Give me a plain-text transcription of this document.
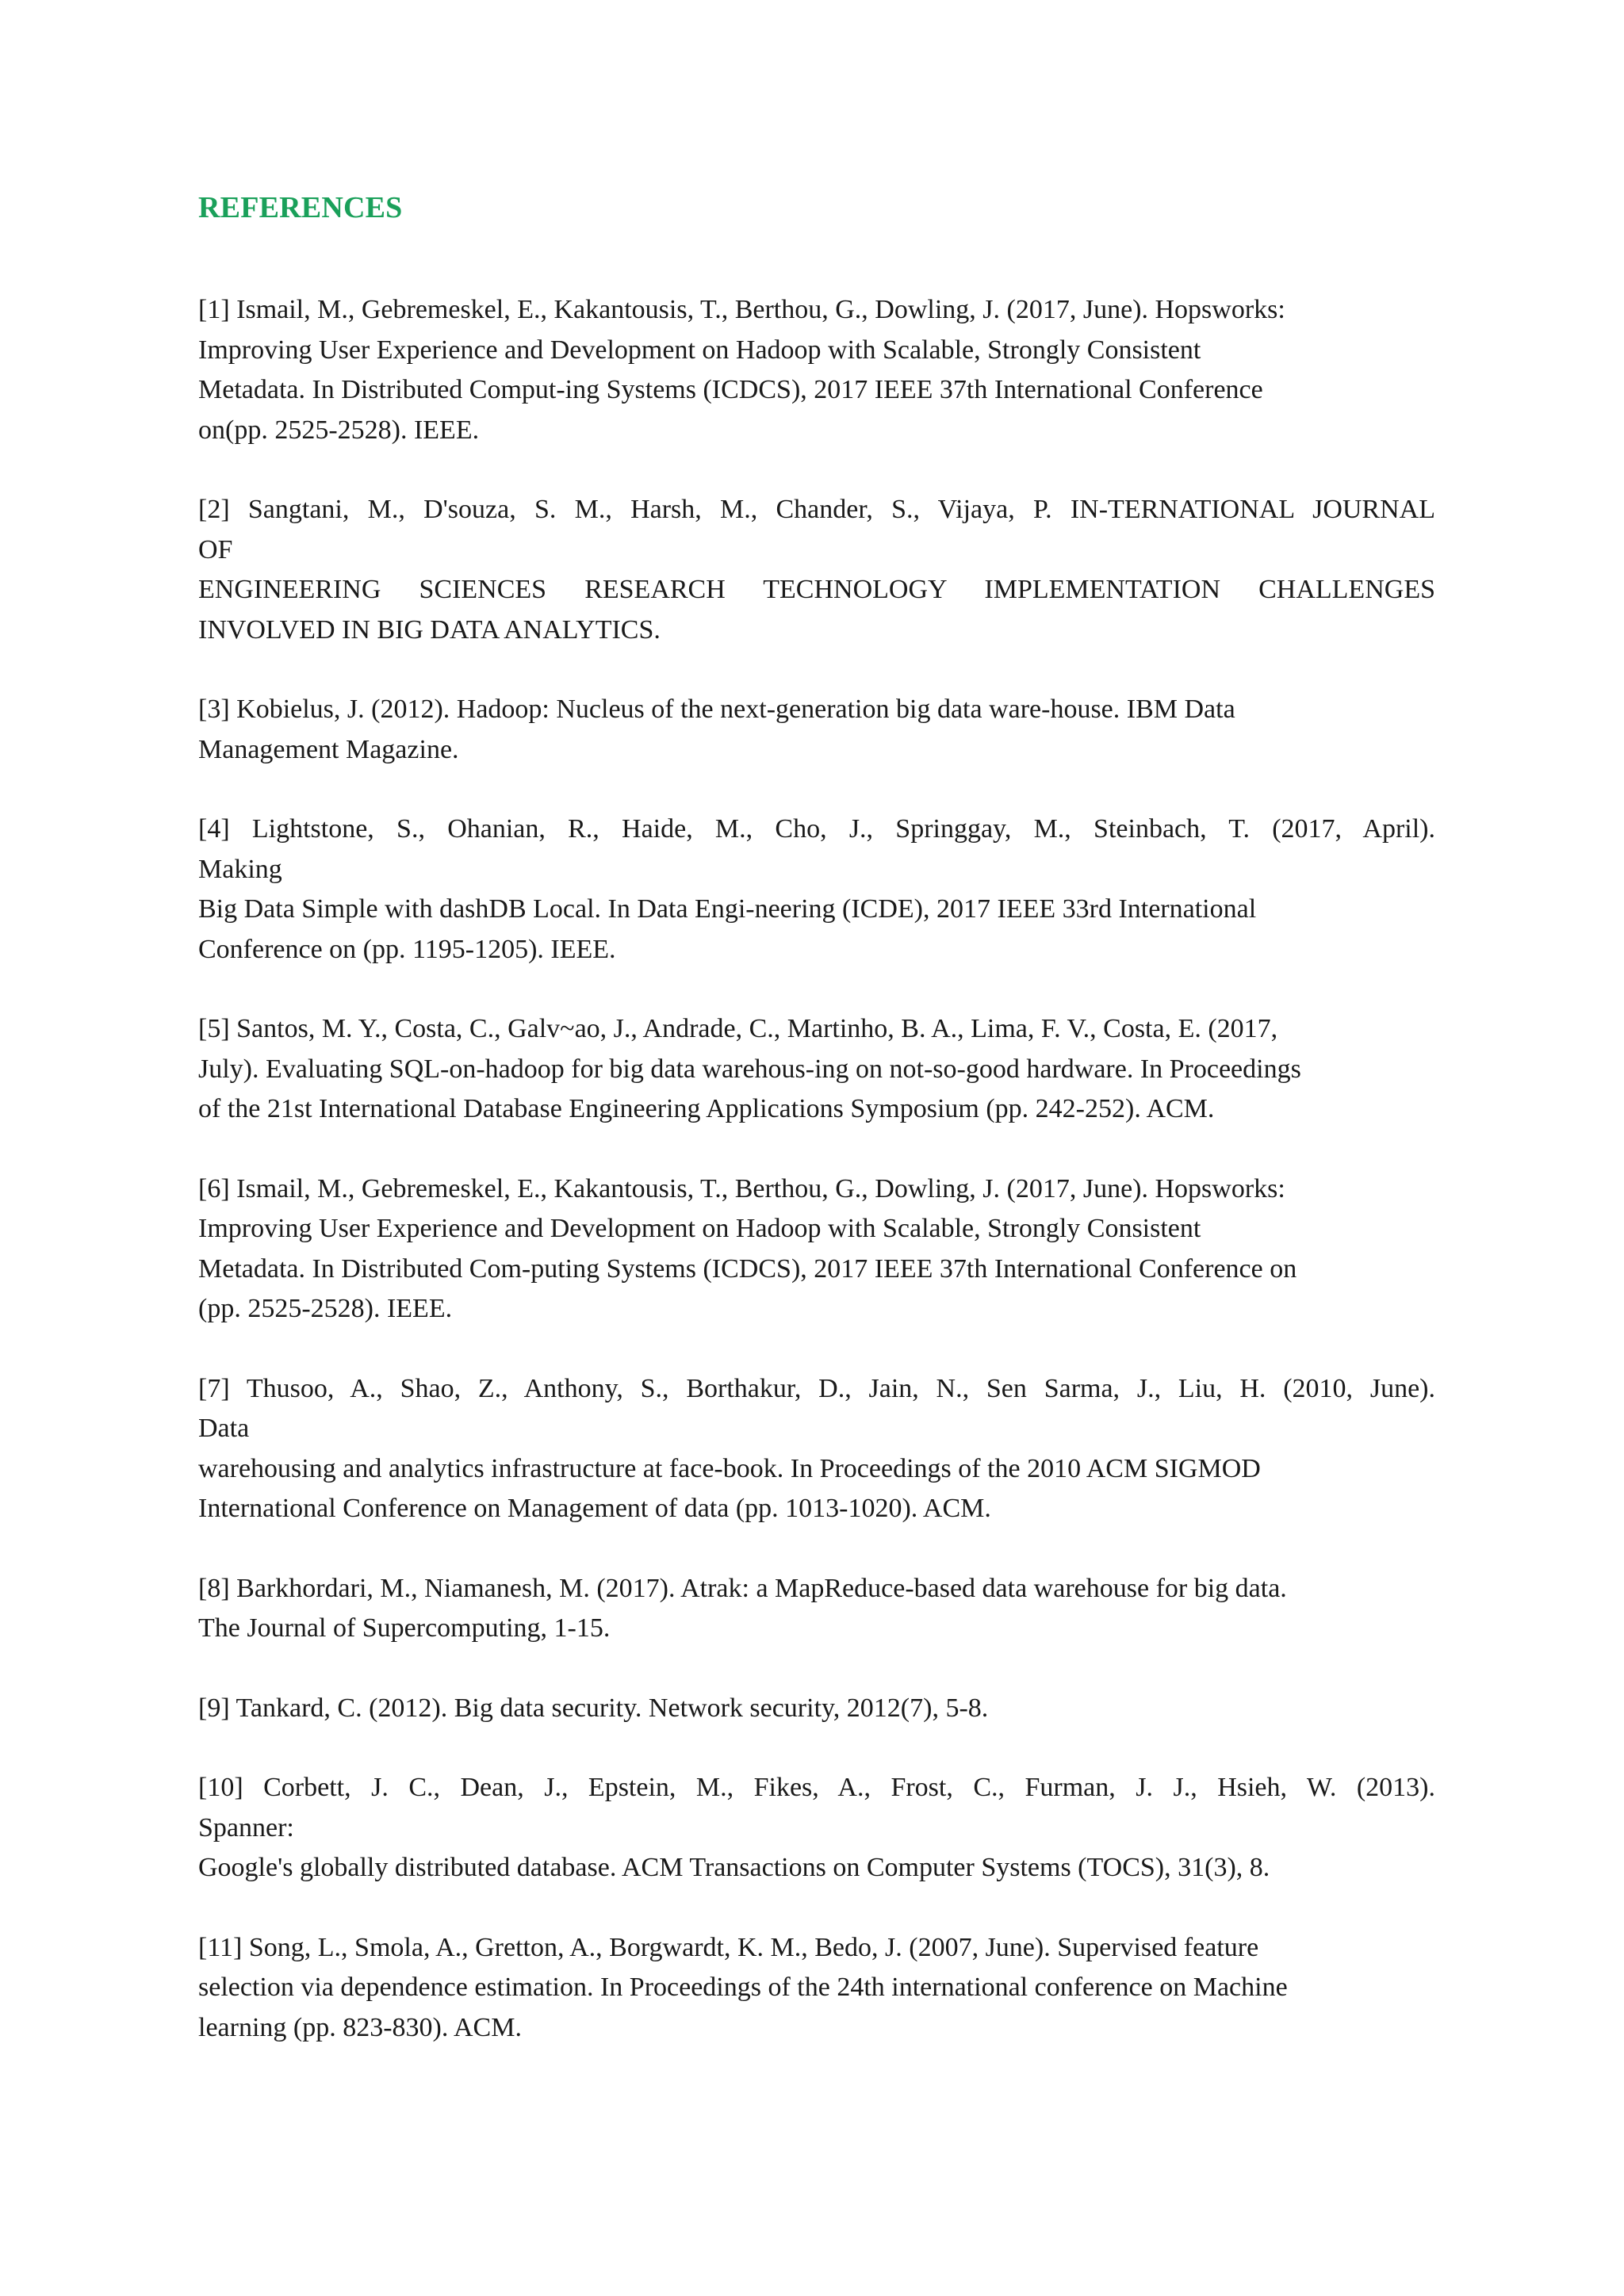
REFERENCES
[1] Ismail, M., Gebremeskel, E., Kakantousis, T., Berthou, G., Dowling, J. (2017, June). Hopsworks:
Improving User Experience and Development on Hadoop with Scalable, Strongly Consistent
Metadata. In Distributed Comput-ing Systems (ICDCS), 2017 IEEE 37th International Conference
on(pp. 2525-2528). IEEE.
[2] Sangtani, M., D'souza, S. M., Harsh, M., Chander, S., Vijaya, P. IN-TERNATIONAL JOURNAL
OF
ENGINEERING SCIENCES RESEARCH TECHNOLOGY IMPLEMENTATION CHALLENGES
INVOLVED IN BIG DATA ANALYTICS.
[3] Kobielus, J. (2012). Hadoop: Nucleus of the next-generation big data ware-house. IBM Data
Management Magazine.
[4] Lightstone, S., Ohanian, R., Haide, M., Cho, J., Springgay, M., Steinbach, T. (2017, April).
Making
Big Data Simple with dashDB Local. In Data Engi-neering (ICDE), 2017 IEEE 33rd International
Conference on (pp. 1195-1205). IEEE.
[5] Santos, M. Y., Costa, C., Galv~ao, J., Andrade, C., Martinho, B. A., Lima, F. V., Costa, E. (2017,
July). Evaluating SQL-on-hadoop for big data warehous-ing on not-so-good hardware. In Proceedings
of the 21st International Database Engineering Applications Symposium (pp. 242-252). ACM.
[6] Ismail, M., Gebremeskel, E., Kakantousis, T., Berthou, G., Dowling, J. (2017, June). Hopsworks:
Improving User Experience and Development on Hadoop with Scalable, Strongly Consistent
Metadata. In Distributed Com-puting Systems (ICDCS), 2017 IEEE 37th International Conference on
(pp. 2525-2528). IEEE.
[7] Thusoo, A., Shao, Z., Anthony, S., Borthakur, D., Jain, N., Sen Sarma, J., Liu, H. (2010, June).
Data
warehousing and analytics infrastructure at face-book. In Proceedings of the 2010 ACM SIGMOD
International Conference on Management of data (pp. 1013-1020). ACM.
[8] Barkhordari, M., Niamanesh, M. (2017). Atrak: a MapReduce-based data warehouse for big data.
The Journal of Supercomputing, 1-15.
[9] Tankard, C. (2012). Big data security. Network security, 2012(7), 5-8.
[10] Corbett, J. C., Dean, J., Epstein, M., Fikes, A., Frost, C., Furman, J. J., Hsieh, W. (2013).
Spanner:
Google's globally distributed database. ACM Transactions on Computer Systems (TOCS), 31(3), 8.
[11] Song, L., Smola, A., Gretton, A., Borgwardt, K. M., Bedo, J. (2007, June). Supervised feature
selection via dependence estimation. In Proceedings of the 24th international conference on Machine
learning (pp. 823-830). ACM.
